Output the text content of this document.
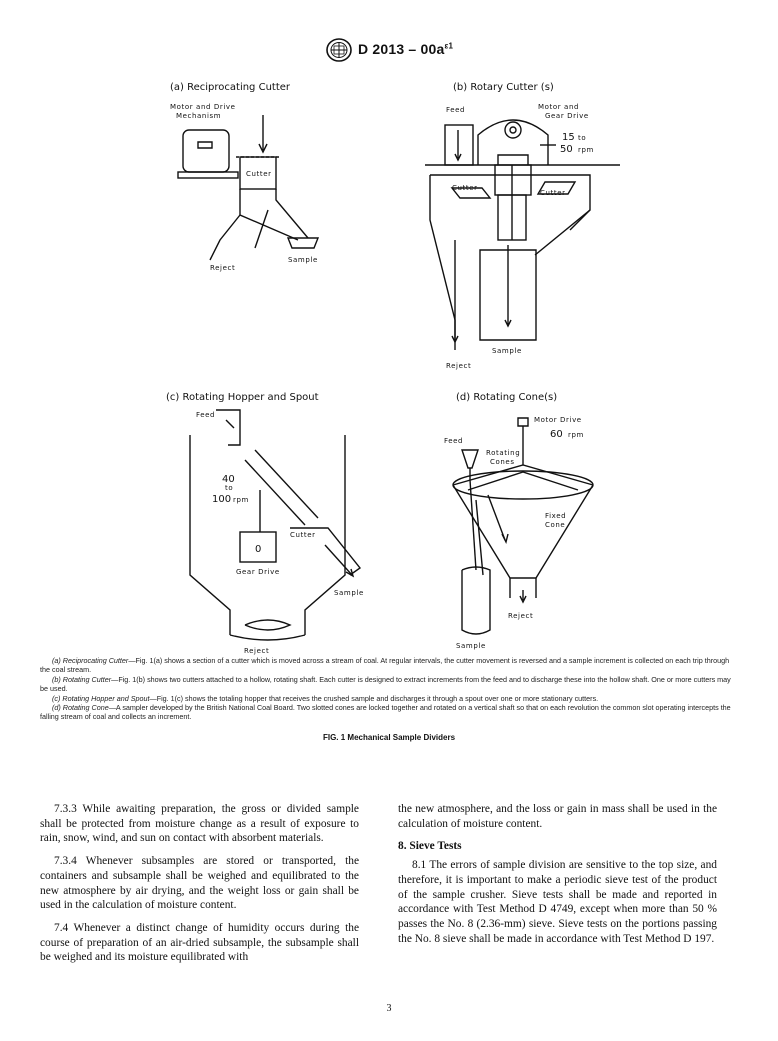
D $2013 - 00a^{\varepsilon 1}$
(a) Reciprocating Cutter
Motor and Drive
Mechanism
Cutter
Sample
Reject
(b) Rotary Cutter (s)
Feed	Motor and
Gear Drive
15 to
50 rpm
Cutter
Cutter
Sample
Reject
(c) Rotating Hopper and Spout
Feed
0
Gear Drive
40
to
100 rpm
Cutter
Sample
Reject
(d) Rotating Cone(s)
Feed
Motor Drive
60 rpm
Rotating
Cones
Fixed
Cone
Reject
Sample

(a) Reciprocating Cutter—Fig. 1(a) shows a section of a cutter which is moved across a stream of coal. At regular intervals, the cutter movement is reversed and a sample increment is collected on each trip through the coal stream.

(b) Rotating Cutter—Fig. 1(b) shows two cutters attached to a hollow, rotating shaft. Each cutter is designed to extract increments from the feed and to discharge these into the hollow shaft. One or more cutters may be used.

(c) Rotating Hopper and Spout—Fig. 1(c) shows the totaling hopper that receives the crushed sample and discharges it through a spout over one or more stationary cutters.

(d) Rotating Cone—A sampler developed by the British National Coal Board. Two slotted cones are locked together and rotated on a vertical shaft so that on each revolution the common slot operating intercepts the falling stream of coal and collects an increment.

FIG. 1 Mechanical Sample Dividers

7.3.3 While awaiting preparation, the gross or divided sample shall be protected from moisture change as a result of exposure to rain, snow, wind, and sun on contact with absorbent materials.

7.3.4 Whenever subsamples are stored or transported, the containers and subsample shall be weighed and equilibrated to the new atmosphere by air drying, and the weight loss or gain shall be used in the calculation of moisture content.

7.4 Whenever a distinct change of humidity occurs during the course of preparation of an air-dried subsample, the subsample shall be weighed and its moisture equilibrated with

the new atmosphere, and the loss or gain in mass shall be used in the calculation of moisture content.

8. Sieve Tests

8.1 The errors of sample division are sensitive to the top size, and therefore, it is important to make a periodic sieve test of the product of the sample crusher. Sieve tests shall be made and reported in accordance with Test Method D 4749, except when more than 50 % passes the No. 8 (2.36-mm) sieve. Sieve tests on the portions passing the No. 8 sieve shall be made in accordance with Test Method D 197.

3
